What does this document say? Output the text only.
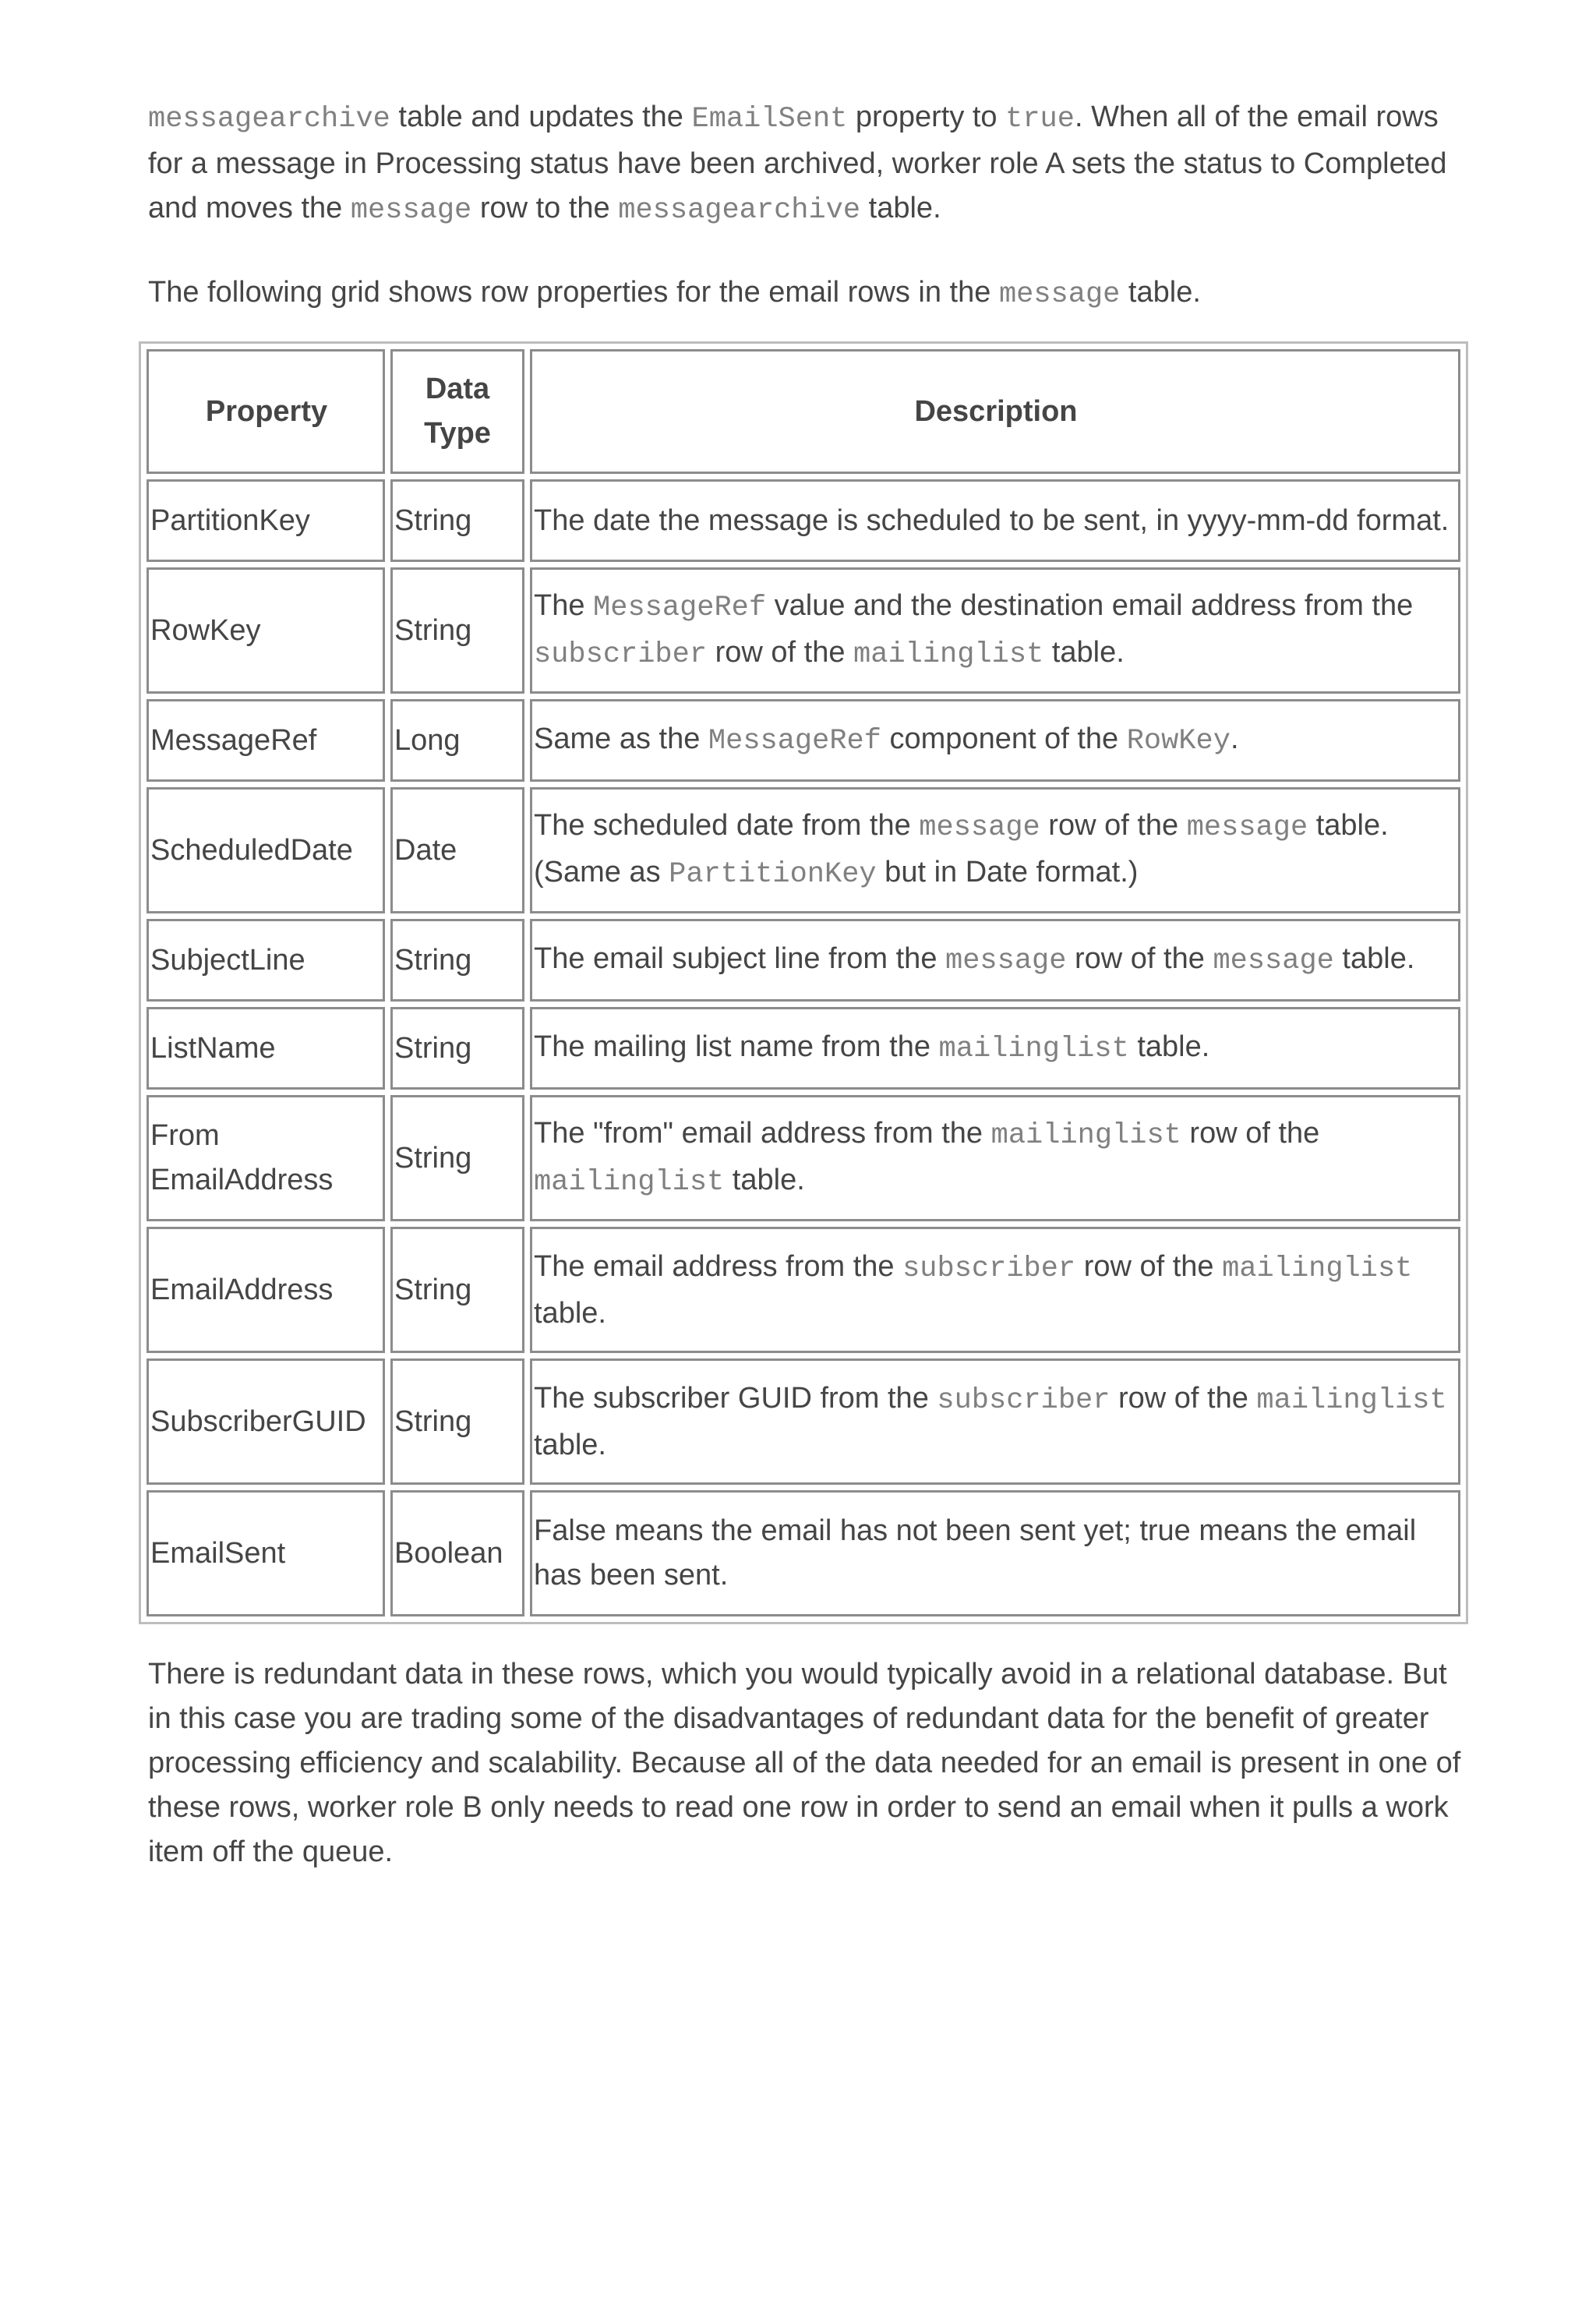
messagearchive table and updates the EmailSent property to true. When all of the email rows for a message in Processing status have been archived, worker role A sets the status to Completed and moves the message row to the messagearchive table.

The following grid shows row properties for the email rows in the message table.

Property	Data Type	Description
PartitionKey	String	The date the message is scheduled to be sent, in yyyy-mm-dd format.
RowKey	String	The MessageRef value and the destination email address from the subscriber row of the mailinglist table.
MessageRef	Long	Same as the MessageRef component of the RowKey.
ScheduledDate	Date	The scheduled date from the message row of the message table. (Same as PartitionKey but in Date format.)
SubjectLine	String	The email subject line from the message row of the message table.
ListName	String	The mailing list name from the mailinglist table.
From EmailAddress	String	The "from" email address from the mailinglist row of the mailinglist table.
EmailAddress	String	The email address from the subscriber row of the mailinglist table.
SubscriberGUID	String	The subscriber GUID from the subscriber row of the mailinglist table.
EmailSent	Boolean	False means the email has not been sent yet; true means the email has been sent.

There is redundant data in these rows, which you would typically avoid in a relational database. But in this case you are trading some of the disadvantages of redundant data for the benefit of greater processing efficiency and scalability. Because all of the data needed for an email is present in one of these rows, worker role B only needs to read one row in order to send an email when it pulls a work item off the queue.
